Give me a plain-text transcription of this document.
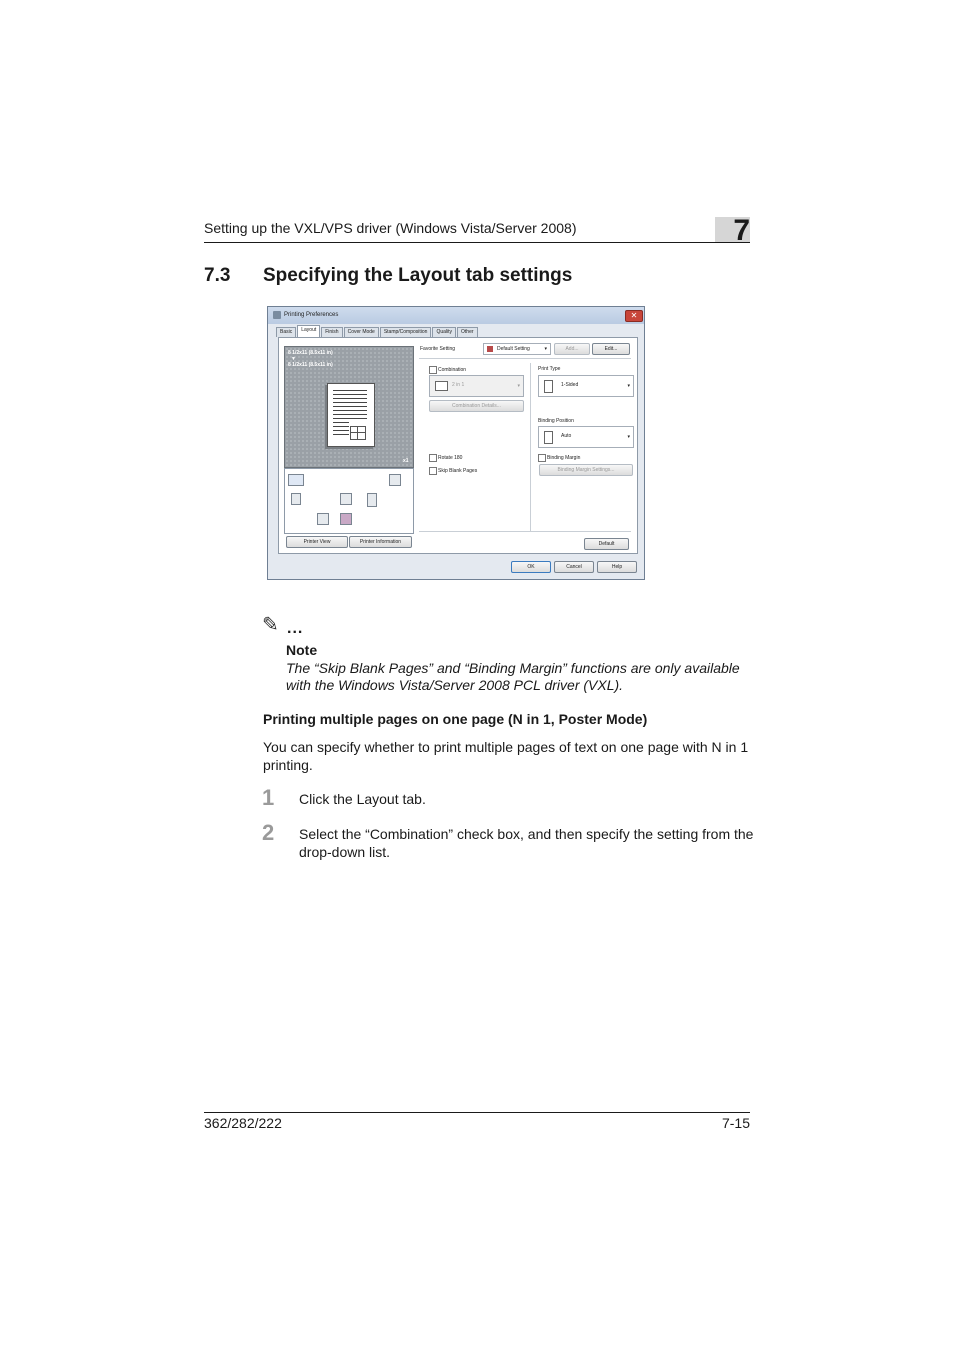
Setting up the VXL/VPS driver (Windows Vista/Server 2008)	7
7.3 Specifying the Layout tab settings
Printing Preferences	✕
Basic	Layout	Finish	Cover Mode	Stamp/Composition	Quality	Other
8 1/2x11 (8.5x11 in)
▼
8 1/2x11 (8.5x11 in)
x1
Printer View	Printer Information
Favorite Setting	Default Setting	▾	Add...	Edit...
Combination
2 in 1	▾
Combination Details...
Print Type
1-Sided	▾
Binding Position
Auto	▾
Rotate 180
Skip Blank Pages
Binding Margin
Binding Margin Settings...
Default
OK	Cancel	Help
✎ ...
Note
The “Skip Blank Pages” and “Binding Margin” functions are only available with the Windows Vista/Server 2008 PCL driver (VXL).
Printing multiple pages on one page (N in 1, Poster Mode)
You can specify whether to print multiple pages of text on one page with N in 1 printing.
1 Click the Layout tab.
2 Select the “Combination” check box, and then specify the setting from the drop-down list.
362/282/222	7-15
